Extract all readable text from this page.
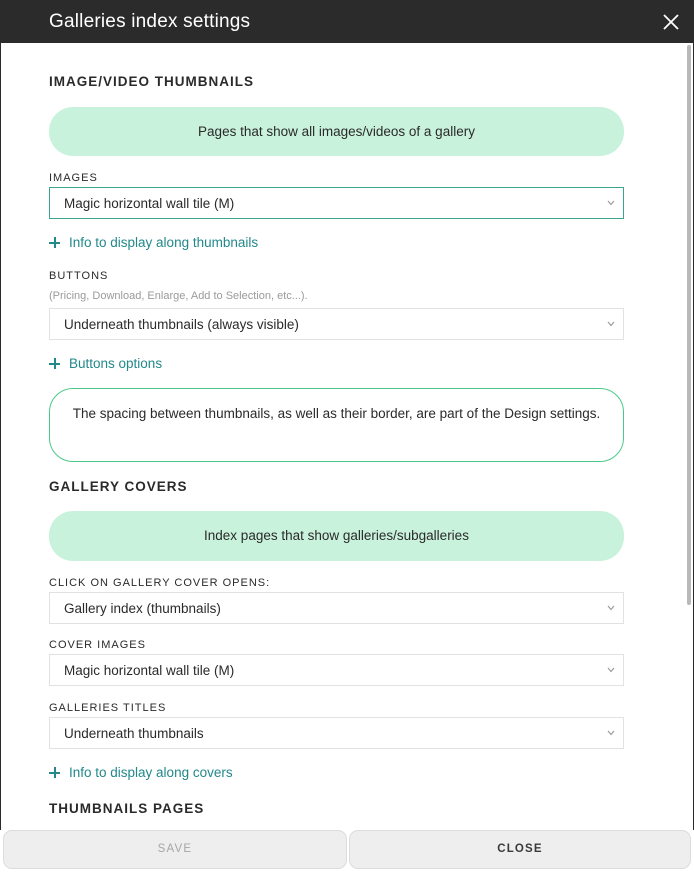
Galleries index settings
IMAGE/VIDEO THUMBNAILS
Pages that show all images/videos of a gallery
IMAGES
Magic horizontal wall tile (M)
Info to display along thumbnails
BUTTONS
(Pricing, Download, Enlarge, Add to Selection, etc...).
Underneath thumbnails (always visible)
Buttons options
The spacing between thumbnails, as well as their border, are part of the Design settings.
GALLERY COVERS
Index pages that show galleries/subgalleries
CLICK ON GALLERY COVER OPENS:
Gallery index (thumbnails)
COVER IMAGES
Magic horizontal wall tile (M)
GALLERIES TITLES
Underneath thumbnails
Info to display along covers
THUMBNAILS PAGES
SAVE	CLOSE
